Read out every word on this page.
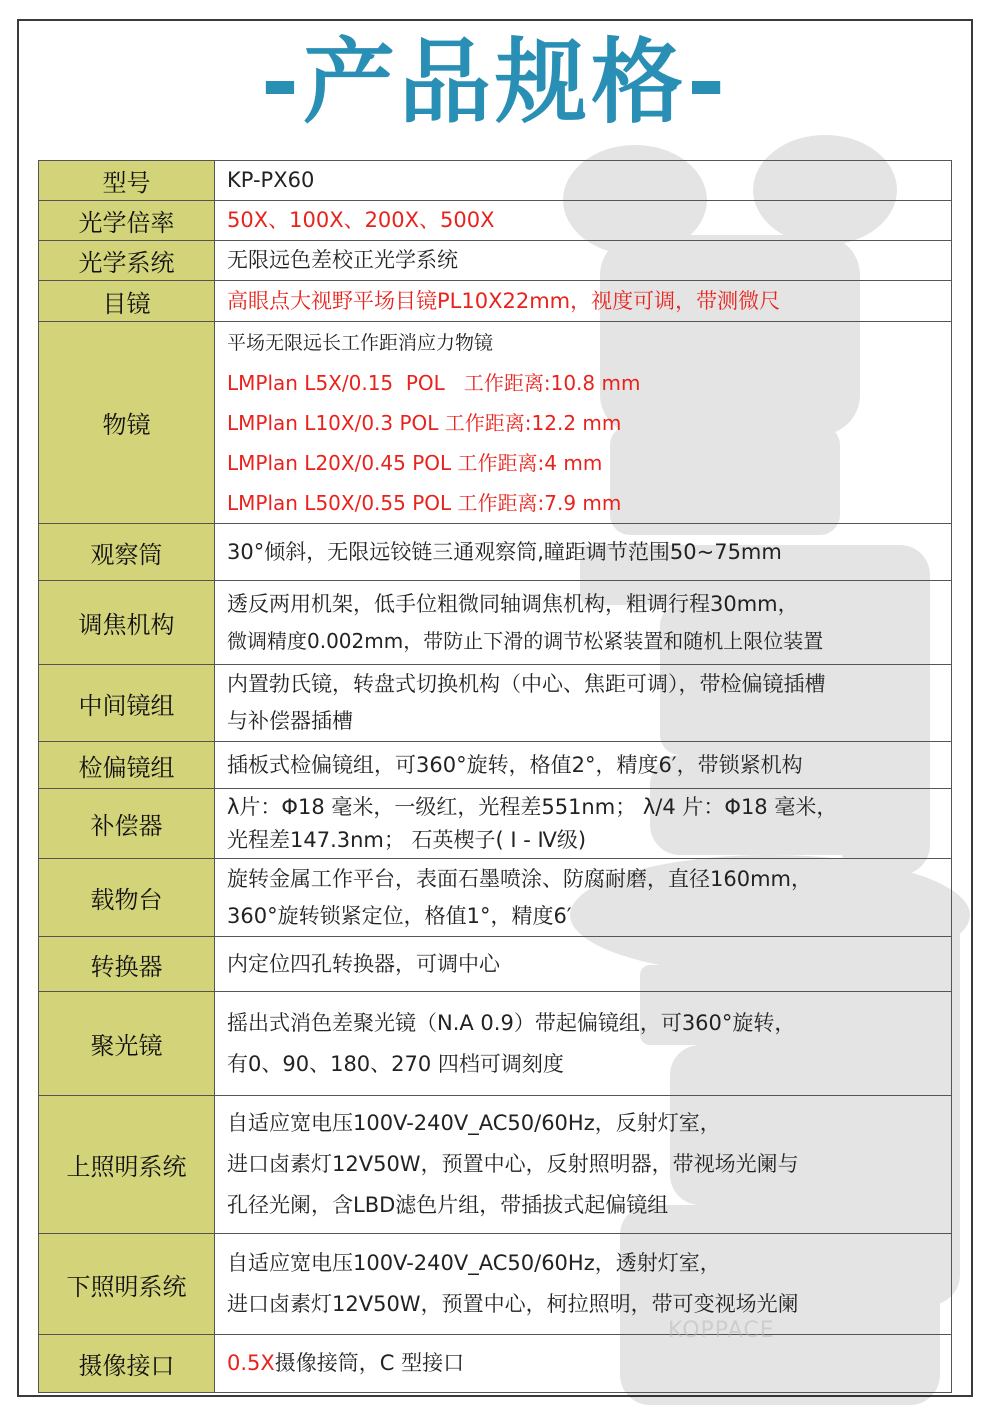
-产品规格-
型号	KP-PX60

光学倍率	50X、100X、200X、500X

光学系统	无限远色差校正光学系统

目镜	高眼点大视野平场目镜PL10X22mm，视度可调，带测微尺

物镜	平场无限远长工作距消应力物镜
LMPlan L5X/0.15  POL   工作距离:10.8 mm
LMPlan L10X/0.3 POL 工作距离:12.2 mm
LMPlan L20X/0.45 POL 工作距离:4 mm
LMPlan L50X/0.55 POL 工作距离:7.9 mm

观察筒	30°倾斜，无限远铰链三通观察筒,瞳距调节范围50~75mm

调焦机构	透反两用机架，低手位粗微同轴调焦机构，粗调行程30mm，
微调精度0.002mm，带防止下滑的调节松紧装置和随机上限位装置

中间镜组	内置勃氏镜，转盘式切换机构（中心、焦距可调），带检偏镜插槽
与补偿器插槽

检偏镜组	插板式检偏镜组，可360°旋转，格值2°，精度6′，带锁紧机构

补偿器	λ片：Φ18 毫米，一级红，光程差551nm； λ/4 片：Φ18 毫米，
光程差147.3nm； 石英楔子( Ⅰ - Ⅳ级)

载物台	旋转金属工作平台，表面石墨喷涂、防腐耐磨，直径160mm，
360°旋转锁紧定位，格值1°，精度6′

转换器	内定位四孔转换器，可调中心

聚光镜	摇出式消色差聚光镜（N.A 0.9）带起偏镜组，可360°旋转，
有0、90、180、270 四档可调刻度

上照明系统	自适应宽电压100V-240V_AC50/60Hz，反射灯室，
进口卤素灯12V50W，预置中心，反射照明器，带视场光阑与
孔径光阑，含LBD滤色片组，带插拔式起偏镜组

下照明系统	自适应宽电压100V-240V_AC50/60Hz，透射灯室，
进口卤素灯12V50W，预置中心，柯拉照明，带可变视场光阑

摄像接口	0.5X摄像接筒，C 型接口
KOPPACE
